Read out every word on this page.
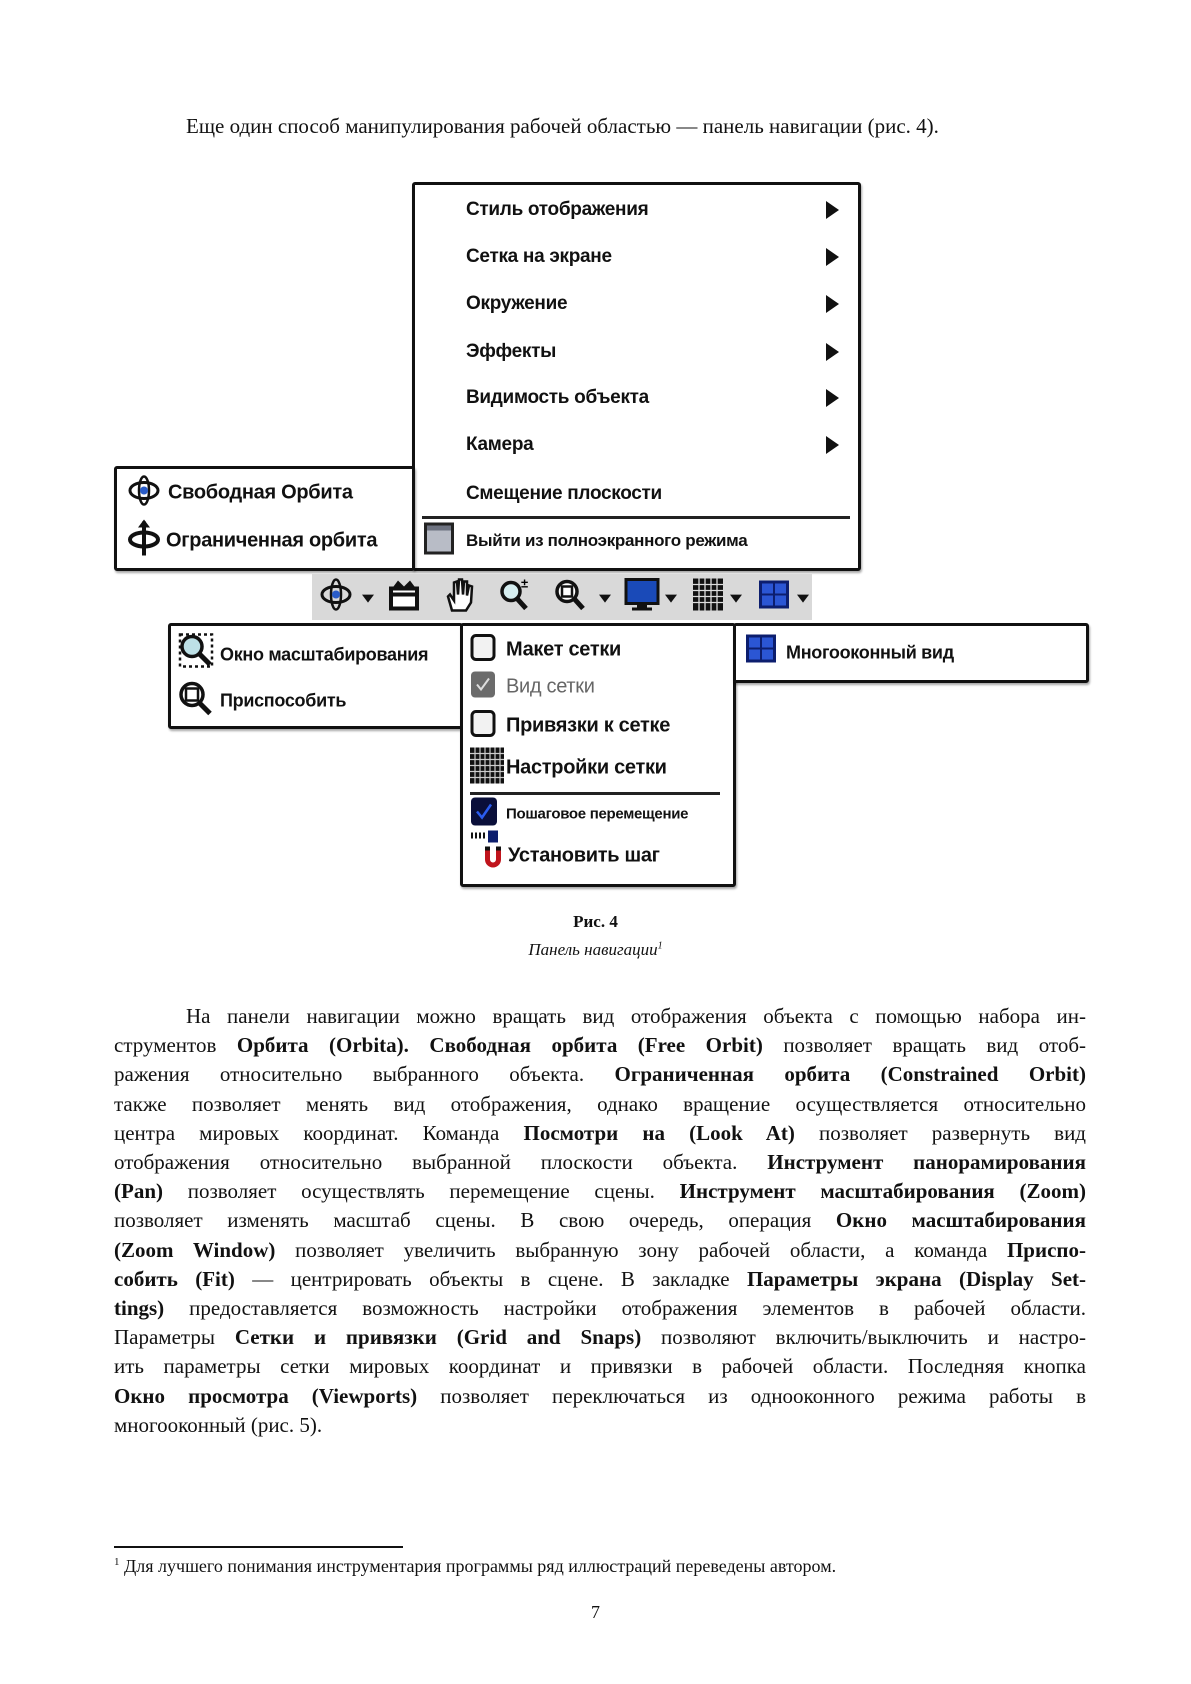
Еще один способ манипулирования рабочей областью — панель навигации (рис. 4).
Стиль отображения
Сетка на экране
Окружение
Эффекты
Видимость объекта
Камера
Смещение плоскости
Выйти из полноэкранного режима
Свободная Орбита
Ограниченная орбита
±
Окно масштабирования
Приспособить
Макет сетки
Вид сетки
Привязки к сетке
Настройки сетки
Пошаговое перемещение
Установить шаг
Многооконный вид
Рис. 4
Панель навигации$^1$
На панели навигации можно вращать вид отображения объекта с помощью набора ин-
струментов Орбита (Orbita). Свободная орбита (Free Orbit) позволяет вращать вид отоб-
ражения относительно выбранного объекта. Ограниченная орбита (Constrained Orbit)
также позволяет менять вид отображения, однако вращение осуществляется относительно
центра мировых координат. Команда Посмотри на (Look At) позволяет развернуть вид
отображения относительно выбранной плоскости объекта. Инструмент панорамирования
(Pan) позволяет осуществлять перемещение сцены. Инструмент масштабирования (Zoom)
позволяет изменять масштаб сцены. В свою очередь, операция Окно масштабирования
(Zoom Window) позволяет увеличить выбранную зону рабочей области, а команда Приспо-
собить (Fit) — центрировать объекты в сцене. В закладке Параметры экрана (Display Set-
tings) предоставляется возможность настройки отображения элементов в рабочей области.
Параметры Сетки и привязки (Grid and Snaps) позволяют включить/выключить и настро-
ить параметры сетки мировых координат и привязки в рабочей области. Последняя кнопка
Окно просмотра (Viewports) позволяет переключаться из однооконного режима работы в
многооконный (рис. 5).
$^1$ Для лучшего понимания инструментария программы ряд иллюстраций переведены автором.
7
